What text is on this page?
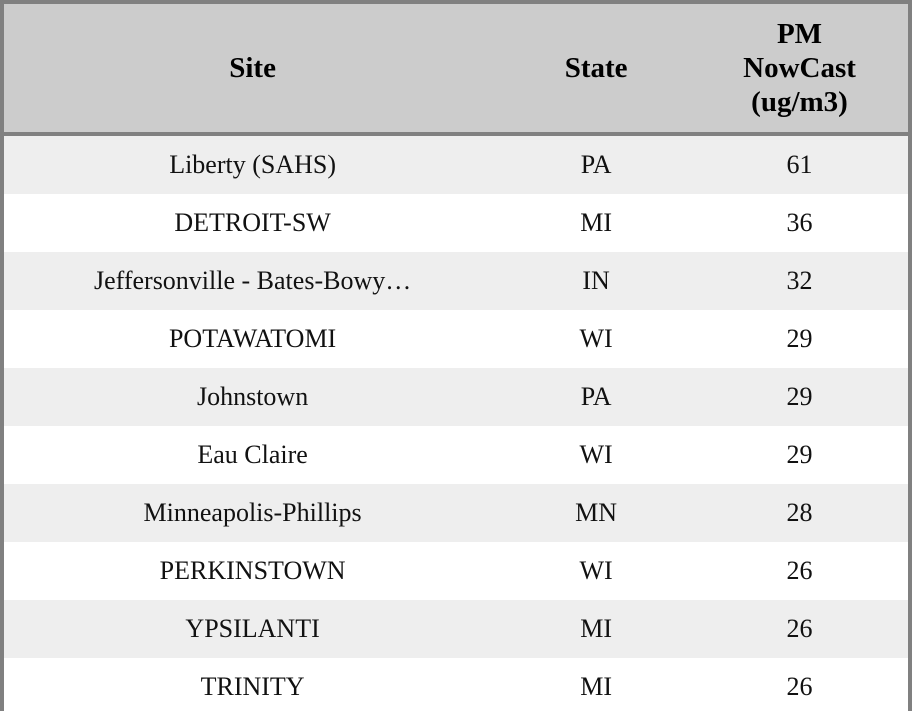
Site	State	PM
NowCast
(ug/m3)

Liberty (SAHS)	PA	61
DETROIT-SW	MI	36
Jeffersonville - Bates-Bowy…	IN	32
POTAWATOMI	WI	29
Johnstown	PA	29
Eau Claire	WI	29
Minneapolis-Phillips	MN	28
PERKINSTOWN	WI	26
YPSILANTI	MI	26
TRINITY	MI	26
